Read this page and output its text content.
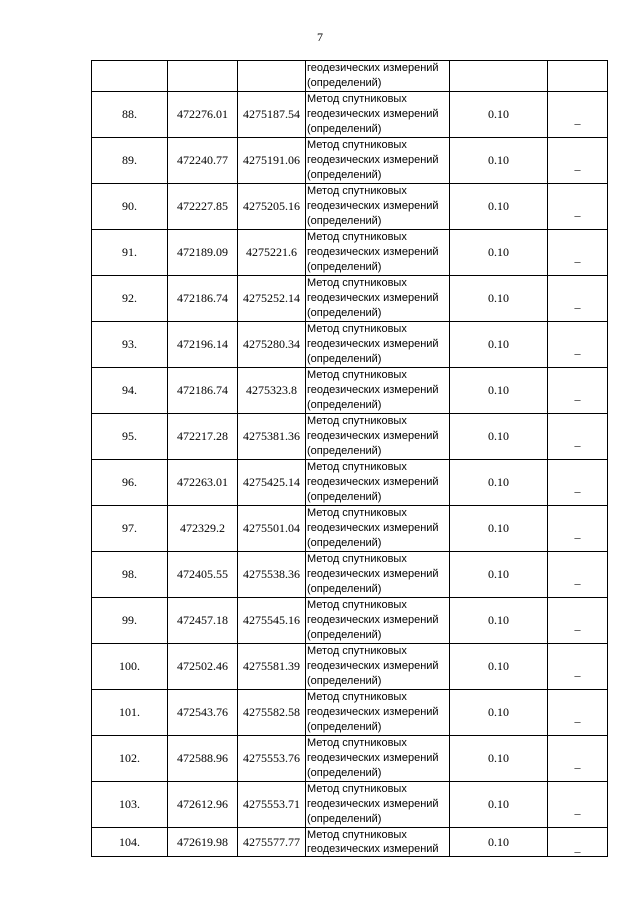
7

			геодезических измерений
(определений)		

88.	472276.01	4275187.54	Метод спутниковых
геодезических измерений
(определений)	0.10	_
89.	472240.77	4275191.06	Метод спутниковых
геодезических измерений
(определений)	0.10	_
90.	472227.85	4275205.16	Метод спутниковых
геодезических измерений
(определений)	0.10	_
91.	472189.09	4275221.6	Метод спутниковых
геодезических измерений
(определений)	0.10	_
92.	472186.74	4275252.14	Метод спутниковых
геодезических измерений
(определений)	0.10	_
93.	472196.14	4275280.34	Метод спутниковых
геодезических измерений
(определений)	0.10	_
94.	472186.74	4275323.8	Метод спутниковых
геодезических измерений
(определений)	0.10	_
95.	472217.28	4275381.36	Метод спутниковых
геодезических измерений
(определений)	0.10	_
96.	472263.01	4275425.14	Метод спутниковых
геодезических измерений
(определений)	0.10	_
97.	472329.2	4275501.04	Метод спутниковых
геодезических измерений
(определений)	0.10	_
98.	472405.55	4275538.36	Метод спутниковых
геодезических измерений
(определений)	0.10	_
99.	472457.18	4275545.16	Метод спутниковых
геодезических измерений
(определений)	0.10	_
100.	472502.46	4275581.39	Метод спутниковых
геодезических измерений
(определений)	0.10	_
101.	472543.76	4275582.58	Метод спутниковых
геодезических измерений
(определений)	0.10	_
102.	472588.96	4275553.76	Метод спутниковых
геодезических измерений
(определений)	0.10	_
103.	472612.96	4275553.71	Метод спутниковых
геодезических измерений
(определений)	0.10	_
104.	472619.98	4275577.77	Метод спутниковых
геодезических измерений	0.10	_
